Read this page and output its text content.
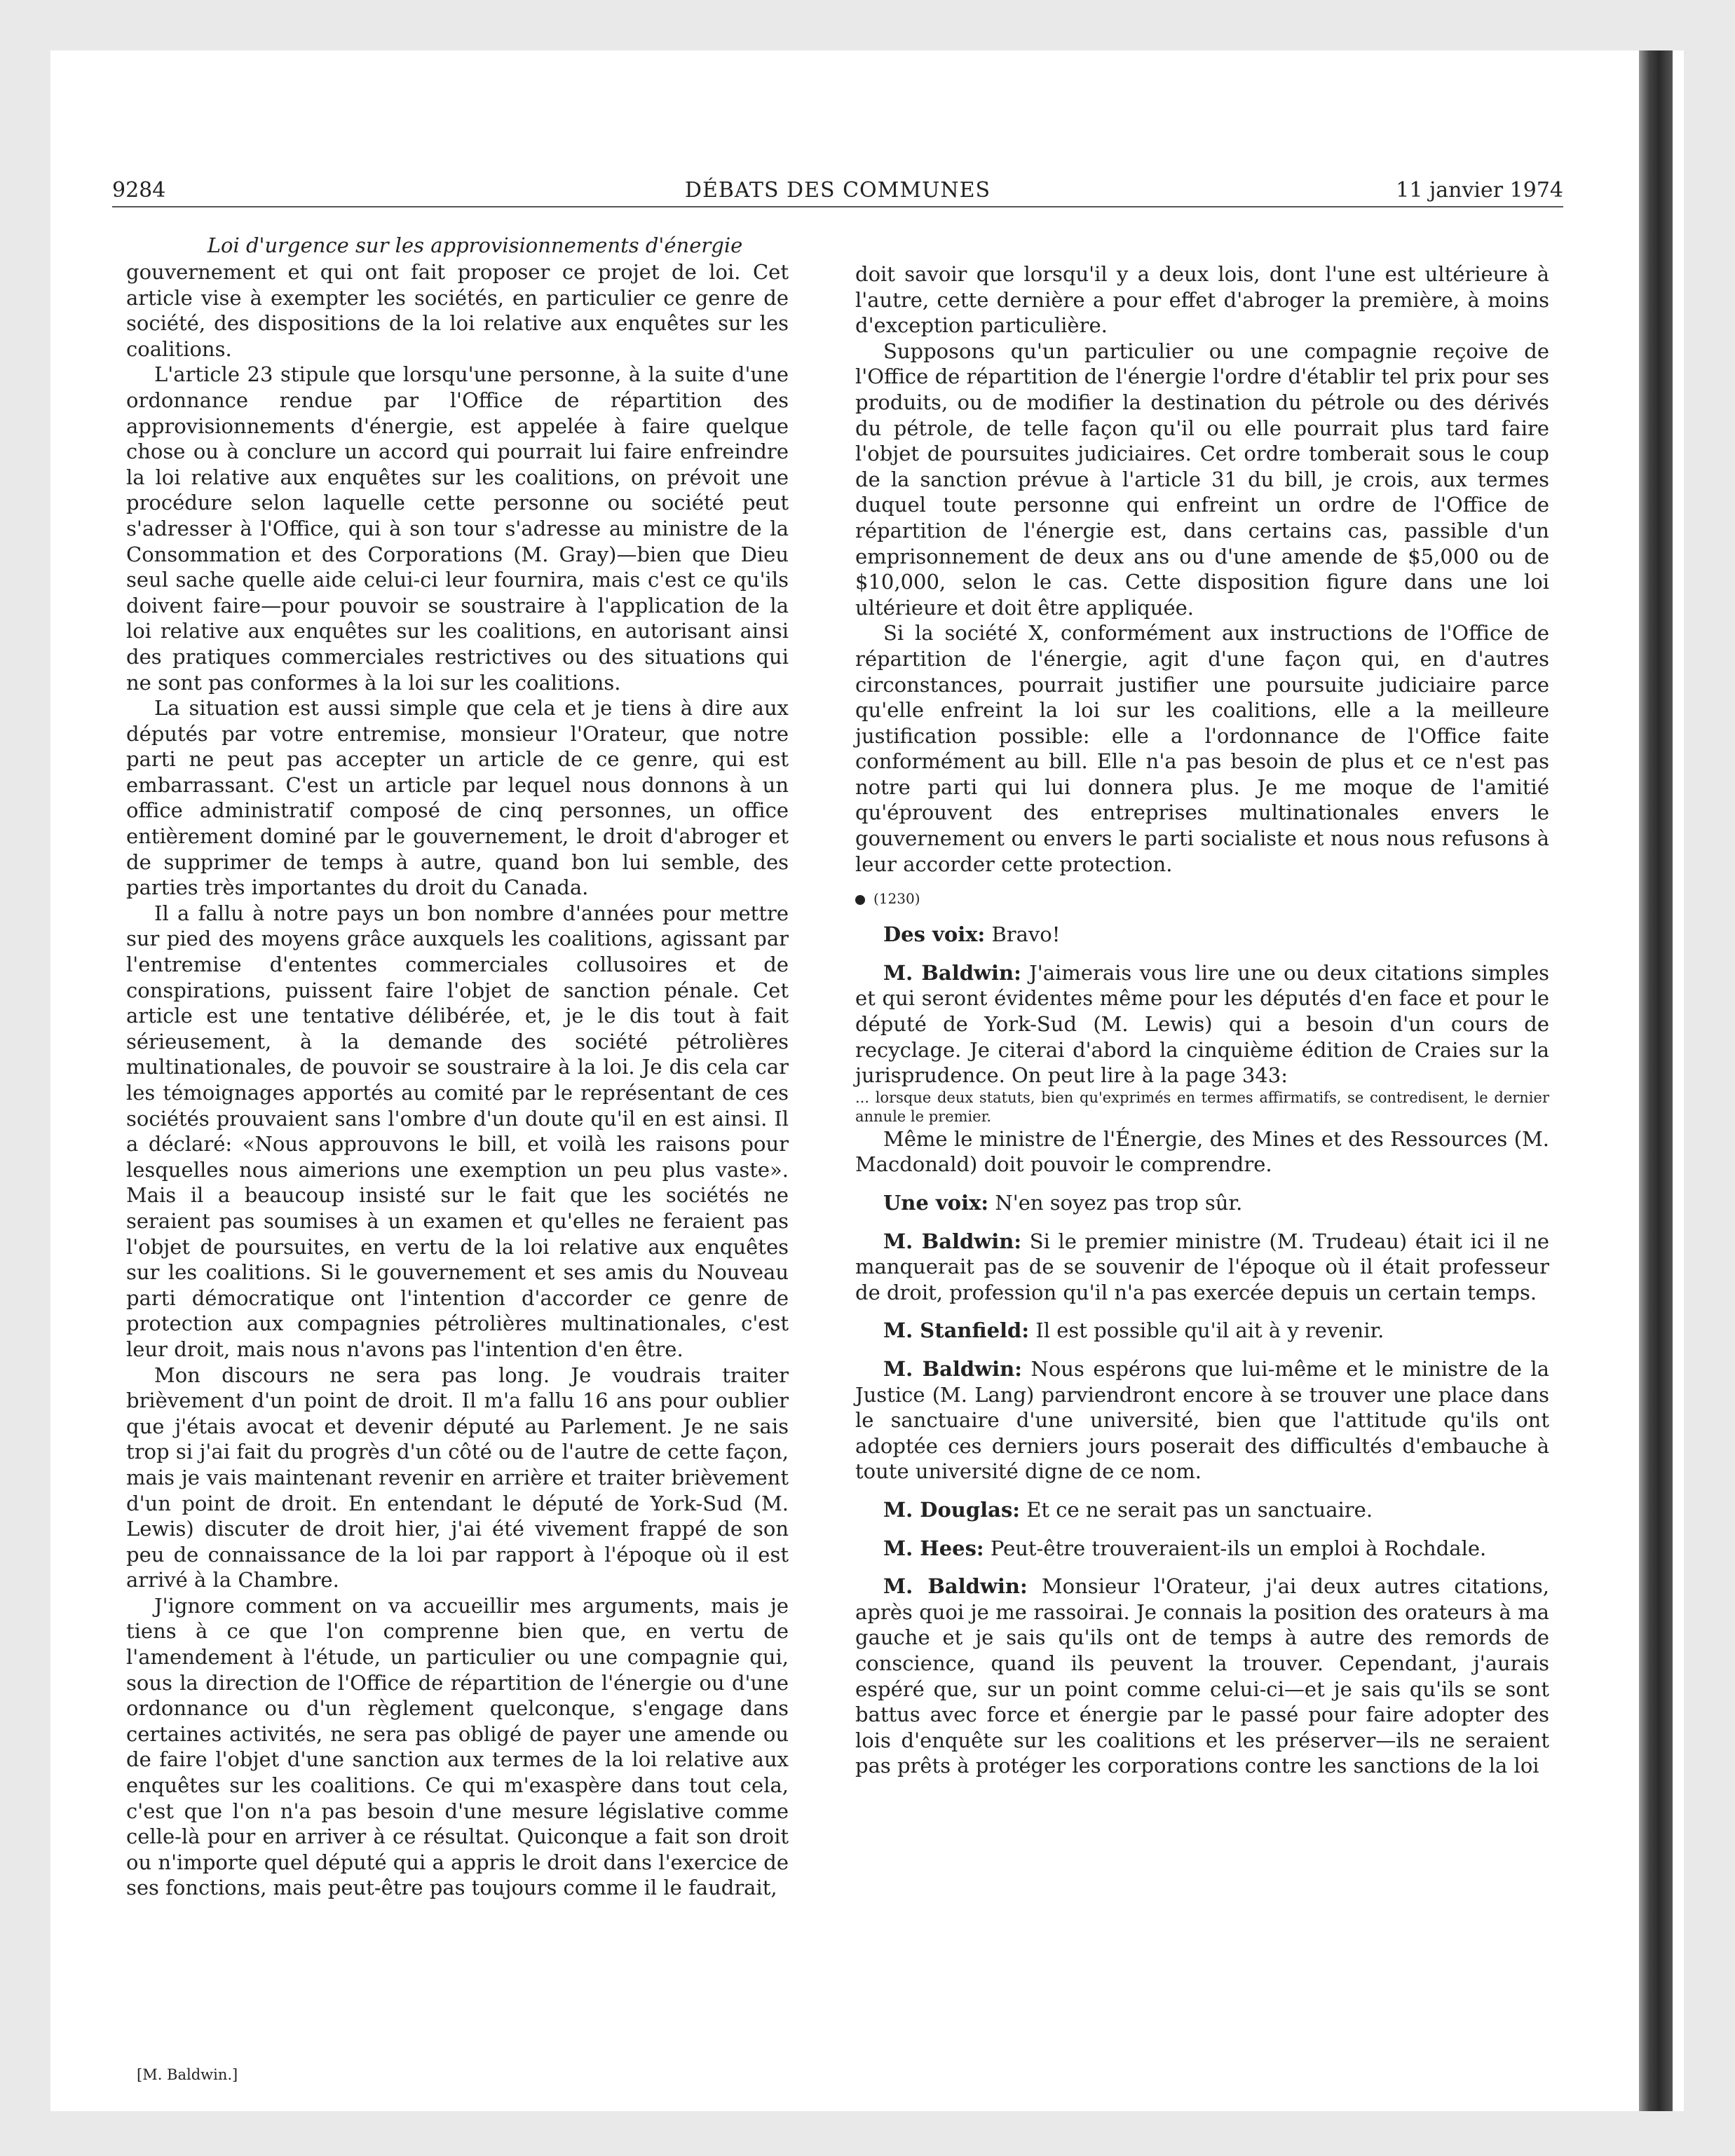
9284	DÉBATS DES COMMUNES	11 janvier 1974
Loi d'urgence sur les approvisionnements d'énergie

gouvernement et qui ont fait proposer ce projet de loi. Cet article vise à exempter les sociétés, en particulier ce genre de société, des dispositions de la loi relative aux enquêtes sur les coalitions.

L'article 23 stipule que lorsqu'une personne, à la suite d'une ordonnance rendue par l'Office de répartition des approvisionnements d'énergie, est appelée à faire quelque chose ou à conclure un accord qui pourrait lui faire enfreindre la loi relative aux enquêtes sur les coalitions, on prévoit une procédure selon laquelle cette personne ou société peut s'adresser à l'Office, qui à son tour s'adresse au ministre de la Consommation et des Corporations (M. Gray)—bien que Dieu seul sache quelle aide celui-ci leur fournira, mais c'est ce qu'ils doivent faire—pour pouvoir se soustraire à l'application de la loi relative aux enquêtes sur les coalitions, en autorisant ainsi des pratiques commerciales restrictives ou des situations qui ne sont pas conformes à la loi sur les coalitions.

La situation est aussi simple que cela et je tiens à dire aux députés par votre entremise, monsieur l'Orateur, que notre parti ne peut pas accepter un article de ce genre, qui est embarrassant. C'est un article par lequel nous donnons à un office administratif composé de cinq personnes, un office entièrement dominé par le gouvernement, le droit d'abroger et de supprimer de temps à autre, quand bon lui semble, des parties très importantes du droit du Canada.

Il a fallu à notre pays un bon nombre d'années pour mettre sur pied des moyens grâce auxquels les coalitions, agissant par l'entremise d'ententes commerciales collusoires et de conspirations, puissent faire l'objet de sanction pénale. Cet article est une tentative délibérée, et, je le dis tout à fait sérieusement, à la demande des société pétrolières multinationales, de pouvoir se soustraire à la loi. Je dis cela car les témoignages apportés au comité par le représentant de ces sociétés prouvaient sans l'ombre d'un doute qu'il en est ainsi. Il a déclaré: «Nous approuvons le bill, et voilà les raisons pour lesquelles nous aimerions une exemption un peu plus vaste». Mais il a beaucoup insisté sur le fait que les sociétés ne seraient pas soumises à un examen et qu'elles ne feraient pas l'objet de poursuites, en vertu de la loi relative aux enquêtes sur les coalitions. Si le gouvernement et ses amis du Nouveau parti démocratique ont l'intention d'accorder ce genre de protection aux compagnies pétrolières multinationales, c'est leur droit, mais nous n'avons pas l'intention d'en être.

Mon discours ne sera pas long. Je voudrais traiter brièvement d'un point de droit. Il m'a fallu 16 ans pour oublier que j'étais avocat et devenir député au Parlement. Je ne sais trop si j'ai fait du progrès d'un côté ou de l'autre de cette façon, mais je vais maintenant revenir en arrière et traiter brièvement d'un point de droit. En entendant le député de York-Sud (M. Lewis) discuter de droit hier, j'ai été vivement frappé de son peu de connaissance de la loi par rapport à l'époque où il est arrivé à la Chambre.

J'ignore comment on va accueillir mes arguments, mais je tiens à ce que l'on comprenne bien que, en vertu de l'amendement à l'étude, un particulier ou une compagnie qui, sous la direction de l'Office de répartition de l'énergie ou d'une ordonnance ou d'un règlement quelconque, s'engage dans certaines activités, ne sera pas obligé de payer une amende ou de faire l'objet d'une sanction aux termes de la loi relative aux enquêtes sur les coalitions. Ce qui m'exaspère dans tout cela, c'est que l'on n'a pas besoin d'une mesure législative comme celle-là pour en arriver à ce résultat. Quiconque a fait son droit ou n'importe quel député qui a appris le droit dans l'exercice de ses fonctions, mais peut-être pas toujours comme il le faudrait,

[M. Baldwin.]

doit savoir que lorsqu'il y a deux lois, dont l'une est ultérieure à l'autre, cette dernière a pour effet d'abroger la première, à moins d'exception particulière.

Supposons qu'un particulier ou une compagnie reçoive de l'Office de répartition de l'énergie l'ordre d'établir tel prix pour ses produits, ou de modifier la destination du pétrole ou des dérivés du pétrole, de telle façon qu'il ou elle pourrait plus tard faire l'objet de poursuites judiciaires. Cet ordre tomberait sous le coup de la sanction prévue à l'article 31 du bill, je crois, aux termes duquel toute personne qui enfreint un ordre de l'Office de répartition de l'énergie est, dans certains cas, passible d'un emprisonnement de deux ans ou d'une amende de $5,000 ou de $10,000, selon le cas. Cette disposition figure dans une loi ultérieure et doit être appliquée.

Si la société X, conformément aux instructions de l'Office de répartition de l'énergie, agit d'une façon qui, en d'autres circonstances, pourrait justifier une poursuite judiciaire parce qu'elle enfreint la loi sur les coalitions, elle a la meilleure justification possible: elle a l'ordonnance de l'Office faite conformément au bill. Elle n'a pas besoin de plus et ce n'est pas notre parti qui lui donnera plus. Je me moque de l'amitié qu'éprouvent des entreprises multinationales envers le gouvernement ou envers le parti socialiste et nous nous refusons à leur accorder cette protection.

(1230)

Des voix: Bravo!

M. Baldwin: J'aimerais vous lire une ou deux citations simples et qui seront évidentes même pour les députés d'en face et pour le député de York-Sud (M. Lewis) qui a besoin d'un cours de recyclage. Je citerai d'abord la cinquième édition de Craies sur la jurisprudence. On peut lire à la page 343:

... lorsque deux statuts, bien qu'exprimés en termes affirmatifs, se contredisent, le dernier annule le premier.

Même le ministre de l'Énergie, des Mines et des Ressources (M. Macdonald) doit pouvoir le comprendre.

Une voix: N'en soyez pas trop sûr.

M. Baldwin: Si le premier ministre (M. Trudeau) était ici il ne manquerait pas de se souvenir de l'époque où il était professeur de droit, profession qu'il n'a pas exercée depuis un certain temps.

M. Stanfield: Il est possible qu'il ait à y revenir.

M. Baldwin: Nous espérons que lui-même et le ministre de la Justice (M. Lang) parviendront encore à se trouver une place dans le sanctuaire d'une université, bien que l'attitude qu'ils ont adoptée ces derniers jours poserait des difficultés d'embauche à toute université digne de ce nom.

M. Douglas: Et ce ne serait pas un sanctuaire.

M. Hees: Peut-être trouveraient-ils un emploi à Rochdale.

M. Baldwin: Monsieur l'Orateur, j'ai deux autres citations, après quoi je me rassoirai. Je connais la position des orateurs à ma gauche et je sais qu'ils ont de temps à autre des remords de conscience, quand ils peuvent la trouver. Cependant, j'aurais espéré que, sur un point comme celui-ci—et je sais qu'ils se sont battus avec force et énergie par le passé pour faire adopter des lois d'enquête sur les coalitions et les préserver—ils ne seraient pas prêts à protéger les corporations contre les sanctions de la loi
